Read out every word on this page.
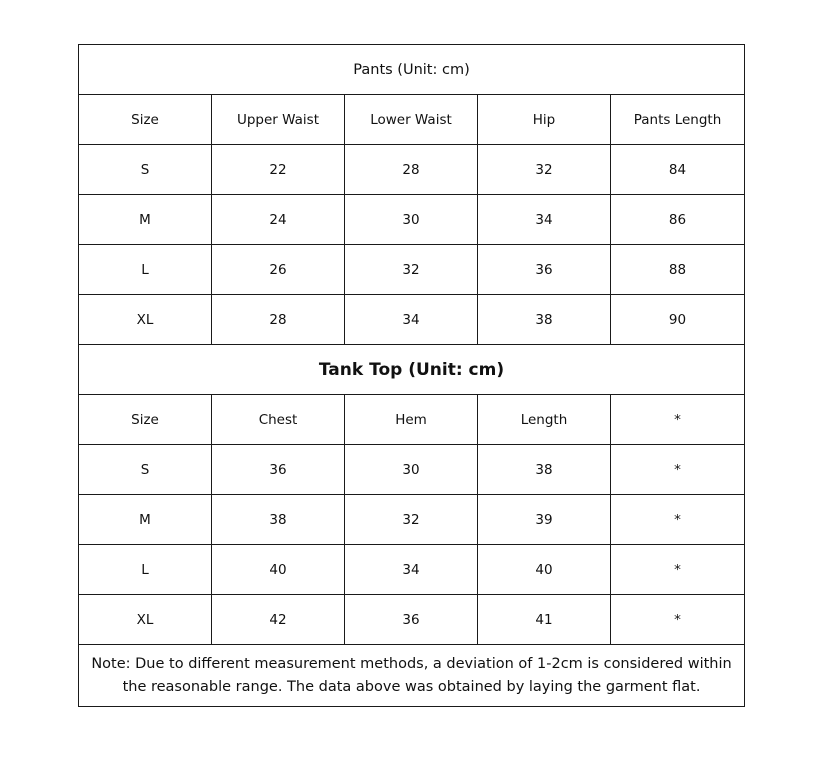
Pants (Unit: cm)				
Size	Upper Waist	Lower Waist	Hip	Pants Length
S	22	28	32	84
M	24	30	34	86
L	26	32	36	88
XL	28	34	38	90
Tank Top (Unit: cm)				
Size	Chest	Hem	Length	*
S	36	30	38	*
M	38	32	39	*
L	40	34	40	*
XL	42	36	41	*
Note: Due to different measurement methods, a deviation of 1-2cm is considered within the reasonable range. The data above was obtained by laying the garment flat.				
